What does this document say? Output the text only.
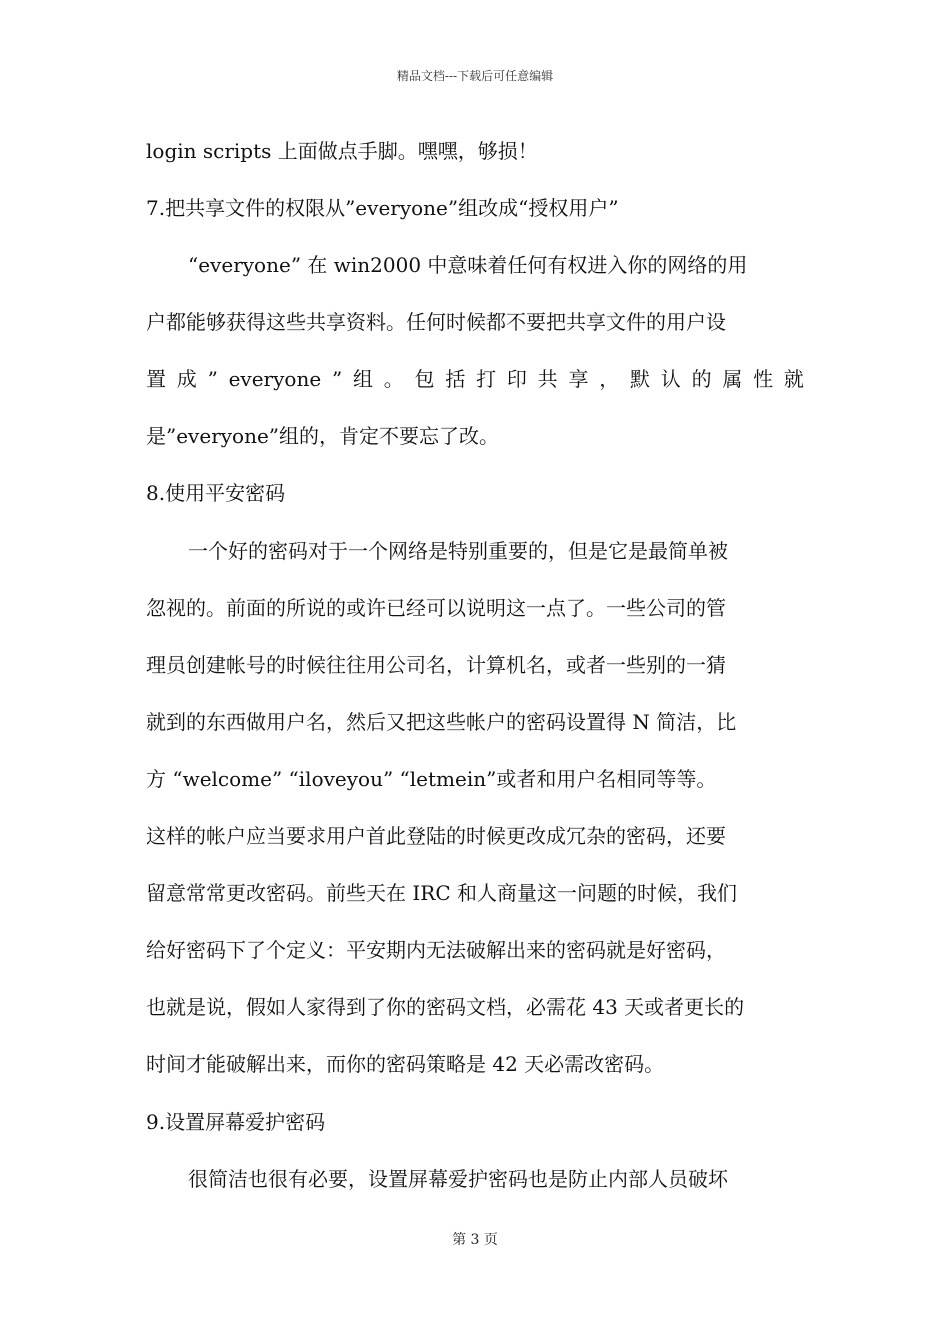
精品文档---下载后可任意编辑
login scripts 上面做点手脚。嘿嘿，够损！
7.把共享文件的权限从”everyone”组改成“授权用户”
“everyone” 在 win2000 中意味着任何有权进入你的网络的用
户都能够获得这些共享资料。任何时候都不要把共享文件的用户设
置 成 ” everyone ” 组 。 包 括 打 印 共 享 ， 默 认 的 属 性 就
是”everyone”组的，肯定不要忘了改。
8.使用平安密码
一个好的密码对于一个网络是特别重要的，但是它是最简单被
忽视的。前面的所说的或许已经可以说明这一点了。一些公司的管
理员创建帐号的时候往往用公司名，计算机名，或者一些别的一猜
就到的东西做用户名，然后又把这些帐户的密码设置得 N 简洁，比
方 “welcome” “iloveyou” “letmein”或者和用户名相同等等。
这样的帐户应当要求用户首此登陆的时候更改成冗杂的密码，还要
留意常常更改密码。前些天在 IRC 和人商量这一问题的时候，我们
给好密码下了个定义：平安期内无法破解出来的密码就是好密码，
也就是说，假如人家得到了你的密码文档，必需花 43 天或者更长的
时间才能破解出来，而你的密码策略是 42 天必需改密码。
9.设置屏幕爱护密码
很简洁也很有必要，设置屏幕爱护密码也是防止内部人员破坏
第 3 页
